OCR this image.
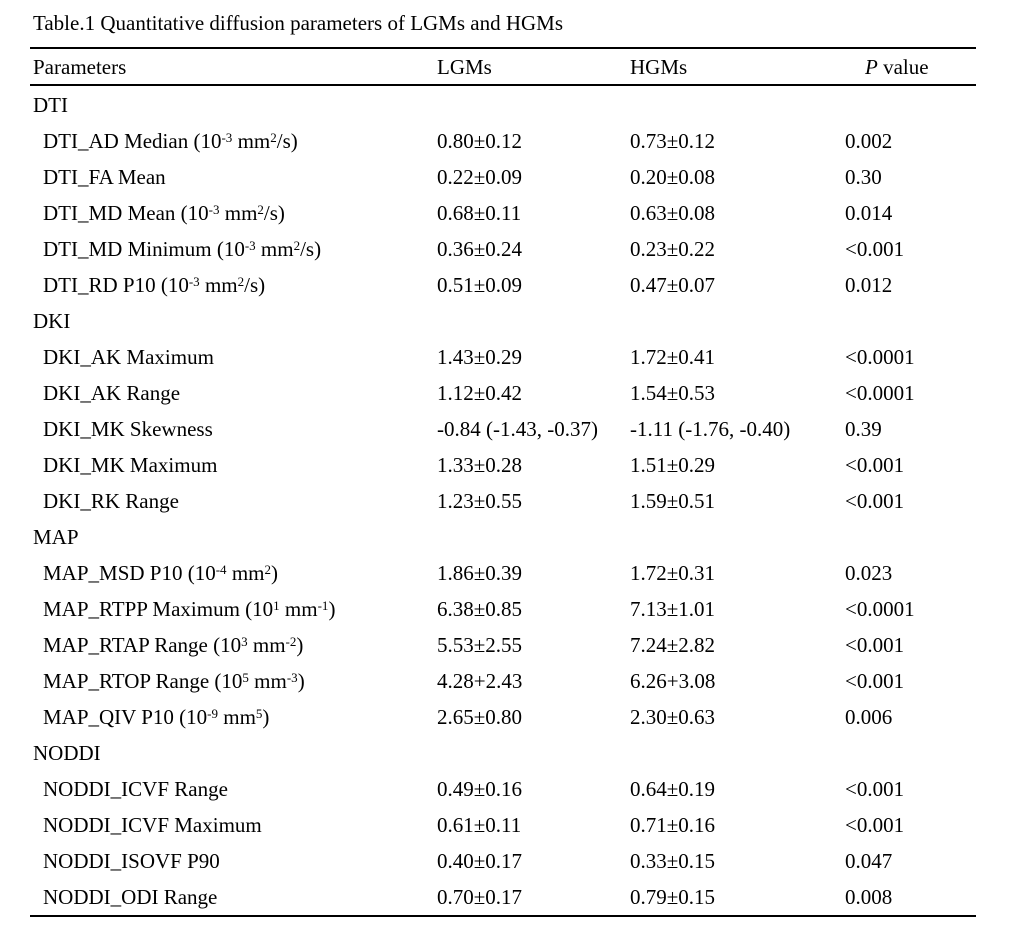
Table.1 Quantitative diffusion parameters of LGMs and HGMs
Parameters	LGMs	HGMs	P value
DTI
DTI_AD Median ($10^{-3}$ $mm^2/s$)	0.80±0.12	0.73±0.12	0.002
DTI_FA Mean	0.22±0.09	0.20±0.08	0.30
DTI_MD Mean ($10^{-3}$ $mm^2/s$)	0.68±0.11	0.63±0.08	0.014
DTI_MD Minimum ($10^{-3}$ $mm^2/s$)	0.36±0.24	0.23±0.22	<0.001
DTI_RD P10 ($10^{-3}$ $mm^2/s$)	0.51±0.09	0.47±0.07	0.012
DKI
DKI_AK Maximum	1.43±0.29	1.72±0.41	<0.0001
DKI_AK Range	1.12±0.42	1.54±0.53	<0.0001
DKI_MK Skewness	-0.84 (-1.43, -0.37)	-1.11 (-1.76, -0.40)	0.39
DKI_MK Maximum	1.33±0.28	1.51±0.29	<0.001
DKI_RK Range	1.23±0.55	1.59±0.51	<0.001
MAP
MAP_MSD P10 ($10^{-4}$ $mm^2$)	1.86±0.39	1.72±0.31	0.023
MAP_RTPP Maximum ($10^1$ $mm^{-1}$)	6.38±0.85	7.13±1.01	<0.0001
MAP_RTAP Range ($10^3$ $mm^{-2}$)	5.53±2.55	7.24±2.82	<0.001
MAP_RTOP Range ($10^5$ $mm^{-3}$)	4.28+2.43	6.26+3.08	<0.001
MAP_QIV P10 ($10^{-9}$ $mm^5$)	2.65±0.80	2.30±0.63	0.006
NODDI
NODDI_ICVF Range	0.49±0.16	0.64±0.19	<0.001
NODDI_ICVF Maximum	0.61±0.11	0.71±0.16	<0.001
NODDI_ISOVF P90	0.40±0.17	0.33±0.15	0.047
NODDI_ODI Range	0.70±0.17	0.79±0.15	0.008
